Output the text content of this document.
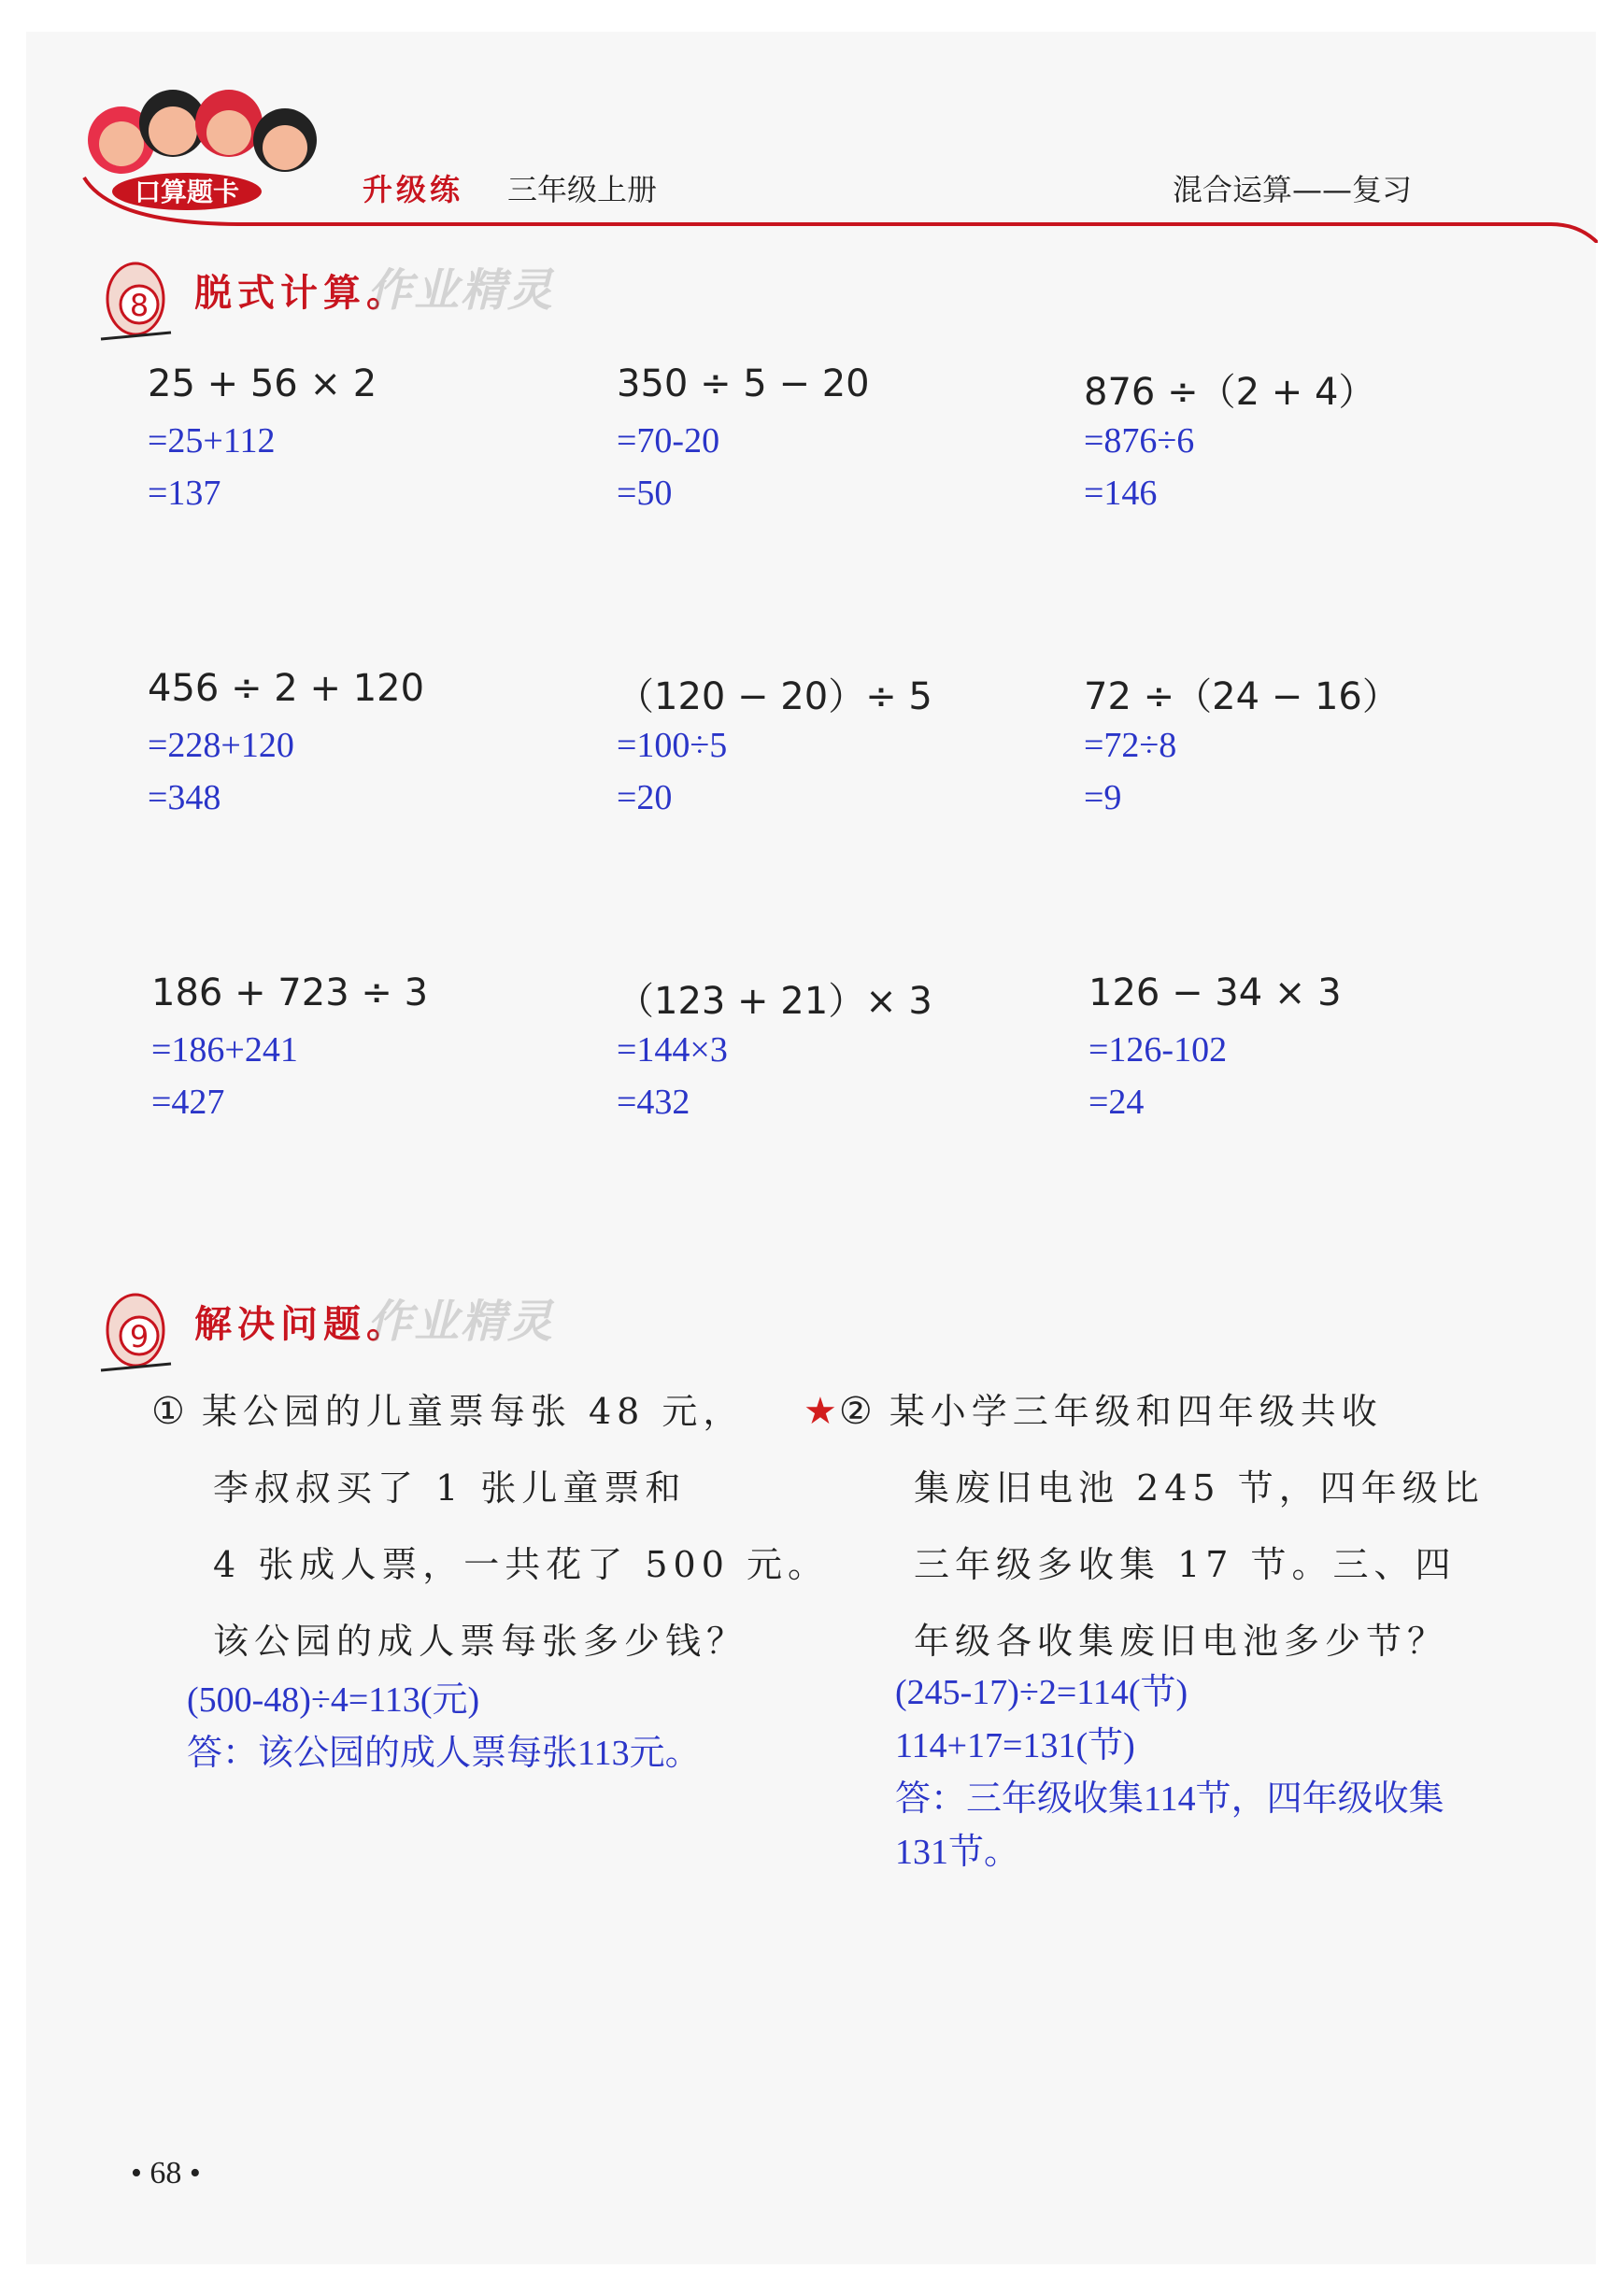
口算题卡	升级练 三年级上册	混合运算——复习
8 脱式计算。
作业精灵
25 + 56 × 2
=25+112
=137
350 ÷ 5 − 20
=70-20
=50
876 ÷（2 + 4）
=876÷6
=146
456 ÷ 2 + 120
=228+120
=348
（120 − 20）÷ 5
=100÷5
=20
72 ÷（24 − 16）
=72÷8
=9
186 + 723 ÷ 3
=186+241
=427
（123 + 21）× 3
=144×3
=432
126 − 34 × 3
=126-102
=24
9 解决问题。
作业精灵
① 某公园的儿童票每张 48 元，
李叔叔买了 1 张儿童票和
4 张成人票，一共花了 500 元。
该公园的成人票每张多少钱？
(500-48)÷4=113(元)
答：该公园的成人票每张113元。
★② 某小学三年级和四年级共收
集废旧电池 245 节，四年级比
三年级多收集 17 节。三、四
年级各收集废旧电池多少节？
(245-17)÷2=114(节)
114+17=131(节)
答：三年级收集114节，四年级收集
131节。
• 68 •
